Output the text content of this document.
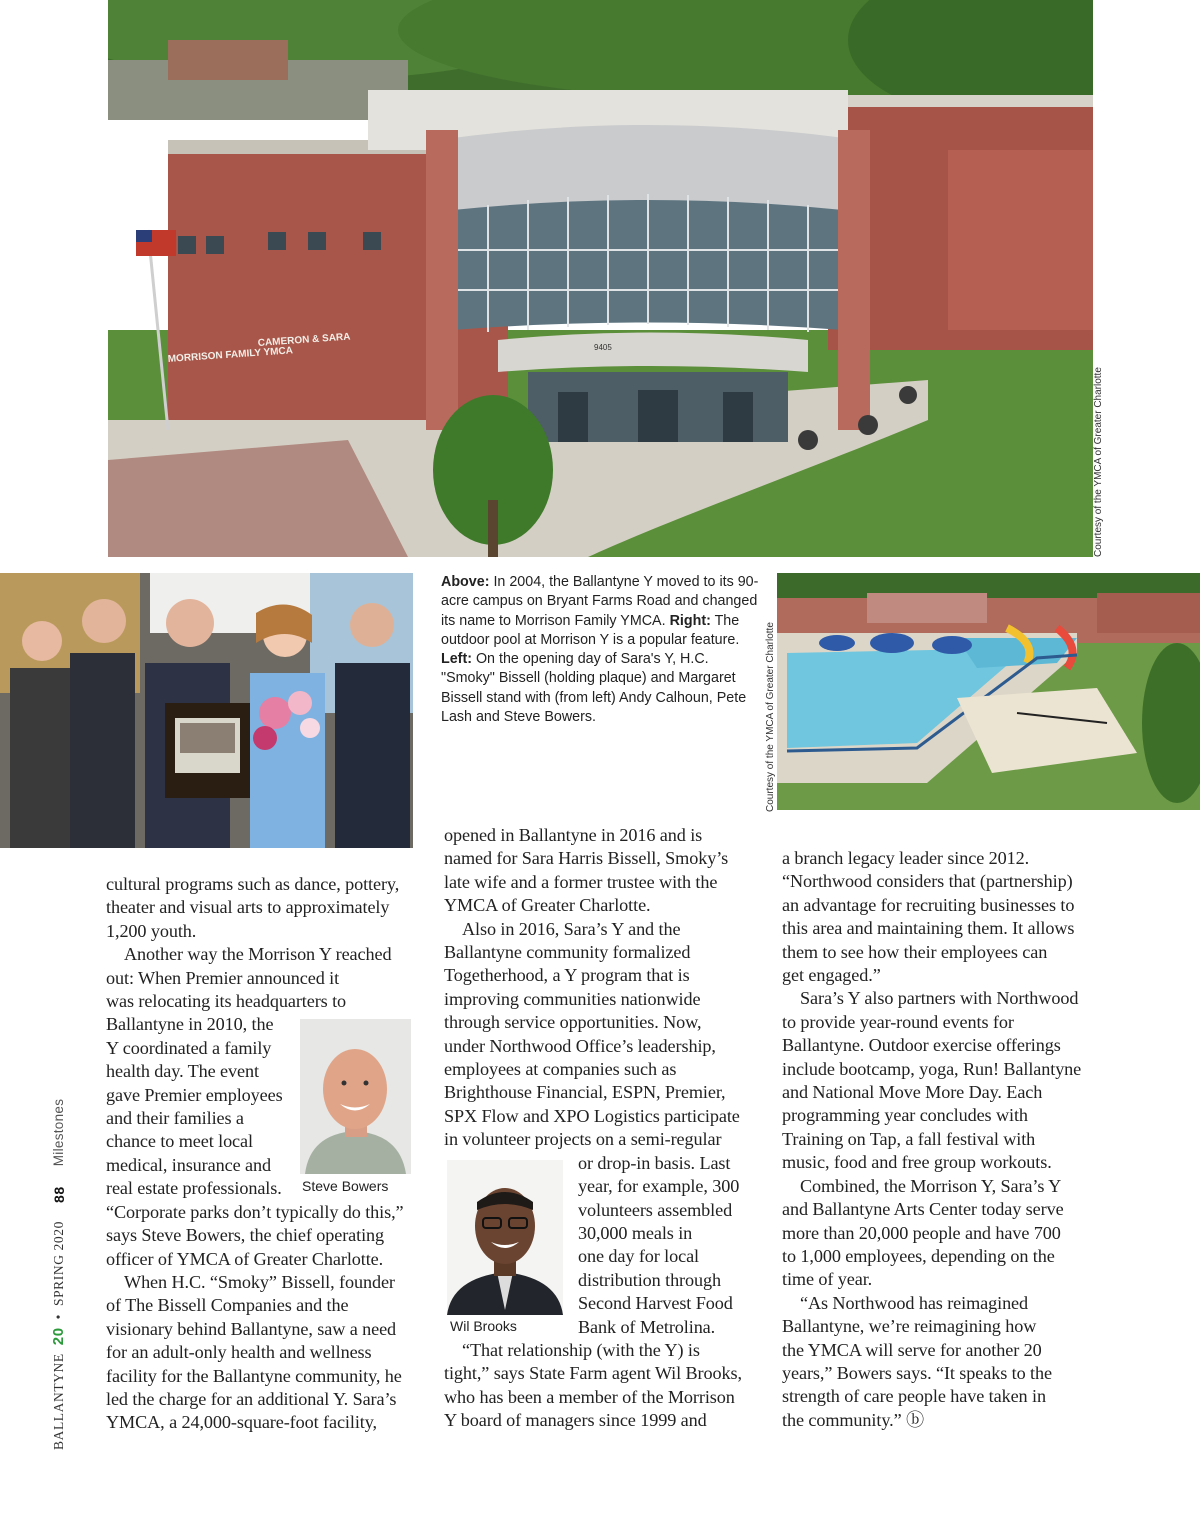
CAMERON & SARA
MORRISON FAMILY YMCA	9405
Courtesy of the YMCA of Greater Charlotte

Above: In 2004, the Ballantyne Y moved to its 90-acre campus on Bryant Farms Road and changed its name to Morrison Family YMCA. Right: The outdoor pool at Morrison Y is a popular feature. Left: On the opening day of Sara's Y, H.C. "Smoky" Bissell (holding plaque) and Margaret Bissell stand with (from left) Andy Calhoun, Pete Lash and Steve Bowers.	Courtesy of the YMCA of Greater Charlotte
cultural programs such as dance, pottery,
theater and visual arts to approximately
1,200 youth.
Another way the Morrison Y reached
out: When Premier announced it
was relocating its headquarters to
Ballantyne in 2010, the
Y coordinated a family
health day. The event
gave Premier employees
and their families a
chance to meet local
medical, insurance and
real estate professionals.
“Corporate parks don’t typically do this,”
says Steve Bowers, the chief operating
officer of YMCA of Greater Charlotte.
When H.C. “Smoky” Bissell, founder
of The Bissell Companies and the
visionary behind Ballantyne, saw a need
for an adult-only health and wellness
facility for the Ballantyne community, he
led the charge for an additional Y. Sara’s
YMCA, a 24,000-square-foot facility,
Steve Bowers
opened in Ballantyne in 2016 and is
named for Sara Harris Bissell, Smoky’s
late wife and a former trustee with the
YMCA of Greater Charlotte.
Also in 2016, Sara’s Y and the
Ballantyne community formalized
Togetherhood, a Y program that is
improving communities nationwide
through service opportunities. Now,
under Northwood Office’s leadership,
employees at companies such as
Brighthouse Financial, ESPN, Premier,
SPX Flow and XPO Logistics participate
in volunteer projects on a semi-regular
or drop-in basis. Last
year, for example, 300
volunteers assembled
30,000 meals in
one day for local
distribution through
Second Harvest Food
Bank of Metrolina.
“That relationship (with the Y) is
tight,” says State Farm agent Wil Brooks,
who has been a member of the Morrison
Y board of managers since 1999 and
Wil Brooks
a branch legacy leader since 2012.
“Northwood considers that (partnership)
an advantage for recruiting businesses to
this area and maintaining them. It allows
them to see how their employees can
get engaged.”
Sara’s Y also partners with Northwood
to provide year-round events for
Ballantyne. Outdoor exercise offerings
include bootcamp, yoga, Run! Ballantyne
and National Move More Day. Each
programming year concludes with
Training on Tap, a fall festival with
music, food and free group workouts.
Combined, the Morrison Y, Sara’s Y
and Ballantyne Arts Center today serve
more than 20,000 people and have 700
to 1,000 employees, depending on the
time of year.
“As Northwood has reimagined
Ballantyne, we’re reimagining how
the YMCA will serve for another 20
years,” Bowers says. “It speaks to the
strength of care people have taken in
the community.” ⓑ
BALLANTYNE
20
•
SPRING 2020
88
Milestones
